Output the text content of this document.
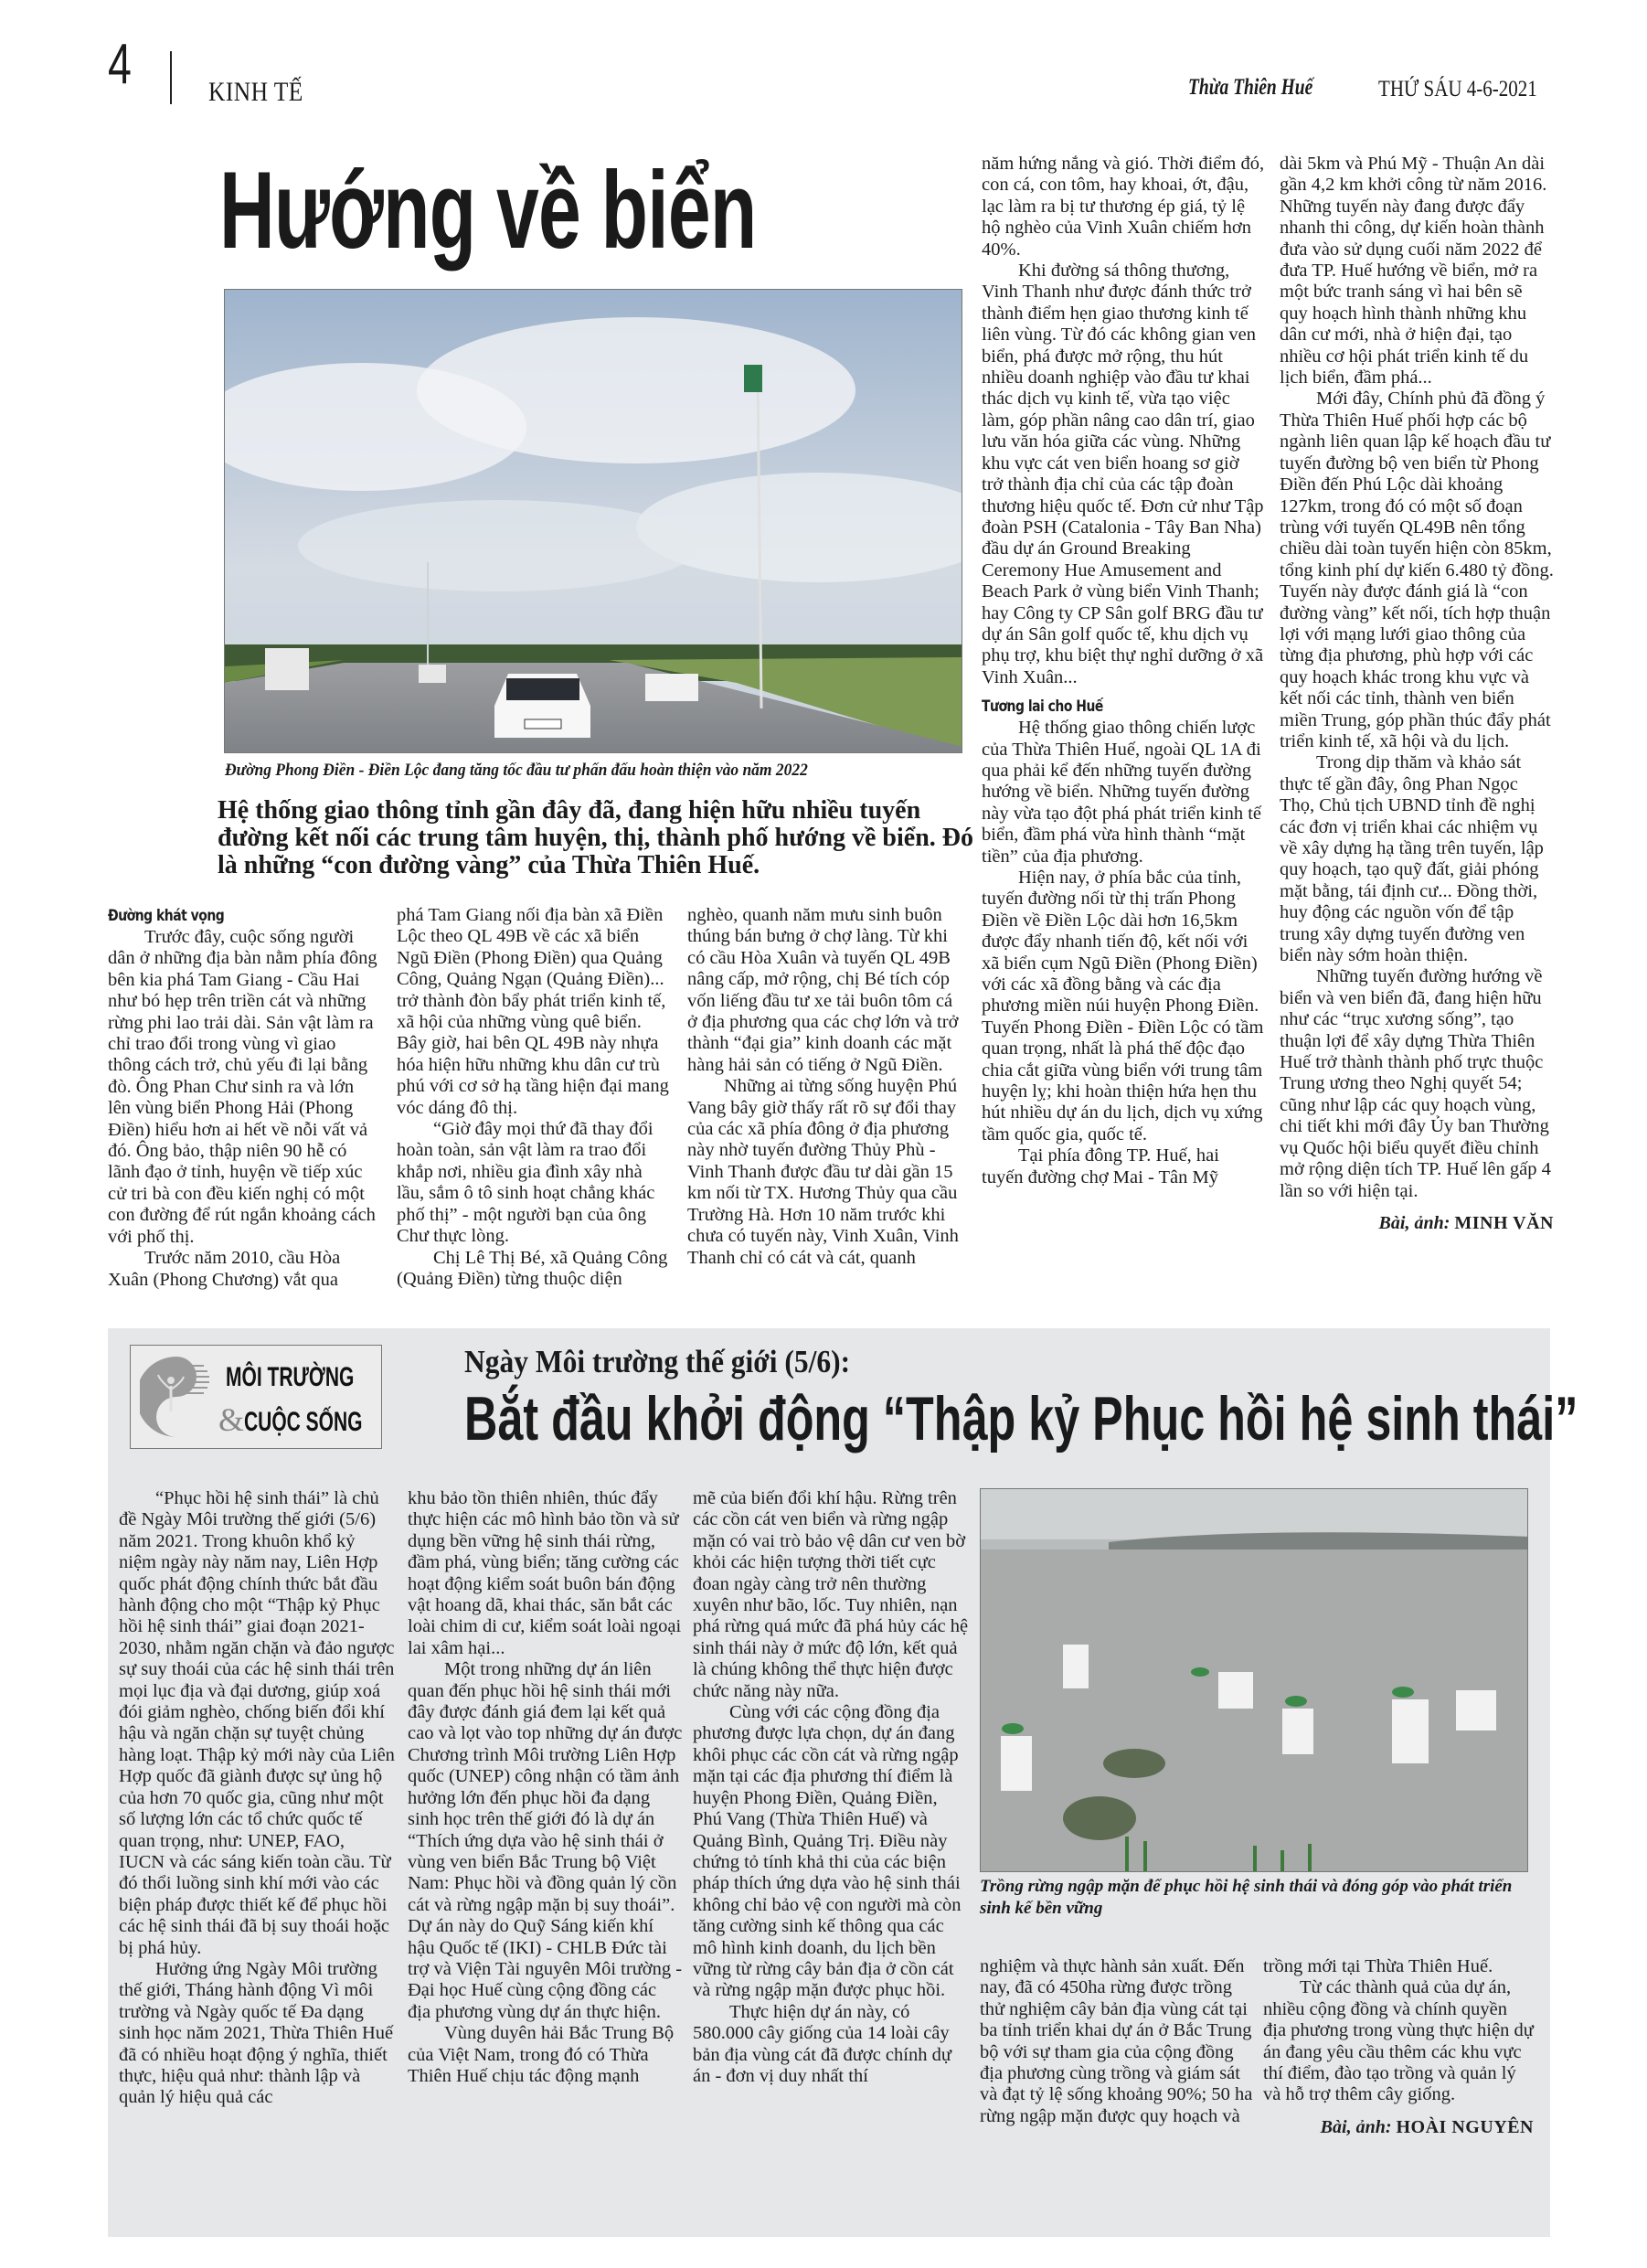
4	KINH TẾ	Thừa Thiên Huế	THỨ SÁU 4-6-2021
Hướng về biển
Đường Phong Điền - Điền Lộc đang tăng tốc đầu tư phấn đấu hoàn thiện vào năm 2022
Hệ thống giao thông tỉnh gần đây đã, đang hiện hữu nhiều tuyến đường kết nối các trung tâm huyện, thị, thành phố hướng về biển. Đó là những “con đường vàng” của Thừa Thiên Huế.
Đường khát vọng

Trước đây, cuộc sống người dân ở những địa bàn nằm phía đông bên kia phá Tam Giang - Cầu Hai như bó hẹp trên triền cát và những rừng phi lao trải dài. Sản vật làm ra chỉ trao đổi trong vùng vì giao thông cách trở, chủ yếu đi lại bằng đò. Ông Phan Chư sinh ra và lớn lên vùng biển Phong Hải (Phong Điền) hiểu hơn ai hết về nỗi vất vả đó. Ông bảo, thập niên 90 hễ có lãnh đạo ở tỉnh, huyện về tiếp xúc cử tri bà con đều kiến nghị có một con đường để rút ngắn khoảng cách với phố thị.

Trước năm 2010, cầu Hòa Xuân (Phong Chương) vắt qua

phá Tam Giang nối địa bàn xã Điền Lộc theo QL 49B về các xã biển Ngũ Điền (Phong Điền) qua Quảng Công, Quảng Ngạn (Quảng Điền)... trở thành đòn bẩy phát triển kinh tế, xã hội của những vùng quê biển. Bây giờ, hai bên QL 49B này nhựa hóa hiện hữu những khu dân cư trù phú với cơ sở hạ tầng hiện đại mang vóc dáng đô thị.

“Giờ đây mọi thứ đã thay đổi hoàn toàn, sản vật làm ra trao đổi khắp nơi, nhiều gia đình xây nhà lầu, sắm ô tô sinh hoạt chẳng khác phố thị” - một người bạn của ông Chư thực lòng.

Chị Lê Thị Bé, xã Quảng Công (Quảng Điền) từng thuộc diện

nghèo, quanh năm mưu sinh buôn thúng bán bưng ở chợ làng. Từ khi có cầu Hòa Xuân và tuyến QL 49B nâng cấp, mở rộng, chị Bé tích cóp vốn liếng đầu tư xe tải buôn tôm cá ở địa phương qua các chợ lớn và trở thành “đại gia” kinh doanh các mặt hàng hải sản có tiếng ở Ngũ Điền.

Những ai từng sống huyện Phú Vang bây giờ thấy rất rõ sự đổi thay của các xã phía đông ở địa phương này nhờ tuyến đường Thủy Phù - Vinh Thanh được đầu tư dài gần 15 km nối từ TX. Hương Thủy qua cầu Trường Hà. Hơn 10 năm trước khi chưa có tuyến này, Vinh Xuân, Vinh Thanh chỉ có cát và cát, quanh

năm hứng nắng và gió. Thời điểm đó, con cá, con tôm, hay khoai, ớt, đậu, lạc làm ra bị tư thương ép giá, tỷ lệ hộ nghèo của Vinh Xuân chiếm hơn 40%.

Khi đường sá thông thương, Vinh Thanh như được đánh thức trở thành điểm hẹn giao thương kinh tế liên vùng. Từ đó các không gian ven biển, phá được mở rộng, thu hút nhiều doanh nghiệp vào đầu tư khai thác dịch vụ kinh tế, vừa tạo việc làm, góp phần nâng cao dân trí, giao lưu văn hóa giữa các vùng. Những khu vực cát ven biển hoang sơ giờ trở thành địa chỉ của các tập đoàn thương hiệu quốc tế. Đơn cử như Tập đoàn PSH (Catalonia - Tây Ban Nha) đầu dự án Ground Breaking Ceremony Hue Amusement and Beach Park ở vùng biển Vinh Thanh; hay Công ty CP Sân golf BRG đầu tư dự án Sân golf quốc tế, khu dịch vụ phụ trợ, khu biệt thự nghỉ dưỡng ở xã Vinh Xuân...

Tương lai cho Huế

Hệ thống giao thông chiến lược của Thừa Thiên Huế, ngoài QL 1A đi qua phải kể đến những tuyến đường hướng về biển. Những tuyến đường này vừa tạo đột phá phát triển kinh tế biển, đầm phá vừa hình thành “mặt tiền” của địa phương.

Hiện nay, ở phía bắc của tỉnh, tuyến đường nối từ thị trấn Phong Điền về Điền Lộc dài hơn 16,5km được đẩy nhanh tiến độ, kết nối với xã biển cụm Ngũ Điền (Phong Điền) với các xã đồng bằng và các địa phương miền núi huyện Phong Điền. Tuyến Phong Điền - Điền Lộc có tầm quan trọng, nhất là phá thế độc đạo chia cắt giữa vùng biển với trung tâm huyện lỵ; khi hoàn thiện hứa hẹn thu hút nhiều dự án du lịch, dịch vụ xứng tầm quốc gia, quốc tế.

Tại phía đông TP. Huế, hai tuyến đường chợ Mai - Tân Mỹ

dài 5km và Phú Mỹ - Thuận An dài gần 4,2 km khởi công từ năm 2016. Những tuyến này đang được đẩy nhanh thi công, dự kiến hoàn thành đưa vào sử dụng cuối năm 2022 để đưa TP. Huế hướng về biển, mở ra một bức tranh sáng vì hai bên sẽ quy hoạch hình thành những khu dân cư mới, nhà ở hiện đại, tạo nhiều cơ hội phát triển kinh tế du lịch biển, đầm phá...

Mới đây, Chính phủ đã đồng ý Thừa Thiên Huế phối hợp các bộ ngành liên quan lập kế hoạch đầu tư tuyến đường bộ ven biển từ Phong Điền đến Phú Lộc dài khoảng 127km, trong đó có một số đoạn trùng với tuyến QL49B nên tổng chiều dài toàn tuyến hiện còn 85km, tổng kinh phí dự kiến 6.480 tỷ đồng. Tuyến này được đánh giá là “con đường vàng” kết nối, tích hợp thuận lợi với mạng lưới giao thông của từng địa phương, phù hợp với các quy hoạch khác trong khu vực và kết nối các tỉnh, thành ven biển miền Trung, góp phần thúc đẩy phát triển kinh tế, xã hội và du lịch.

Trong dịp thăm và khảo sát thực tế gần đây, ông Phan Ngọc Thọ, Chủ tịch UBND tỉnh đề nghị các đơn vị triển khai các nhiệm vụ về xây dựng hạ tầng trên tuyến, lập quy hoạch, tạo quỹ đất, giải phóng mặt bằng, tái định cư... Đồng thời, huy động các nguồn vốn để tập trung xây dựng tuyến đường ven biển này sớm hoàn thiện.

Những tuyến đường hướng về biển và ven biển đã, đang hiện hữu như các “trục xương sống”, tạo thuận lợi để xây dựng Thừa Thiên Huế trở thành thành phố trực thuộc Trung ương theo Nghị quyết 54; cũng như lập các quy hoạch vùng, chi tiết khi mới đây Ủy ban Thường vụ Quốc hội biểu quyết điều chỉnh mở rộng diện tích TP. Huế lên gấp 4 lần so với hiện tại.

Bài, ảnh: MINH VĂN
MÔI TRƯỜNG
&CUỘC SỐNG
Ngày Môi trường thế giới (5/6):
Bắt đầu khởi động “Thập kỷ Phục hồi hệ sinh thái”

“Phục hồi hệ sinh thái” là chủ đề Ngày Môi trường thế giới (5/6) năm 2021. Trong khuôn khổ kỷ niệm ngày này năm nay, Liên Hợp quốc phát động chính thức bắt đầu hành động cho một “Thập kỷ Phục hồi hệ sinh thái” giai đoạn 2021-2030, nhằm ngăn chặn và đảo ngược sự suy thoái của các hệ sinh thái trên mọi lục địa và đại dương, giúp xoá đói giảm nghèo, chống biến đổi khí hậu và ngăn chặn sự tuyệt chủng hàng loạt. Thập kỷ mới này của Liên Hợp quốc đã giành được sự ủng hộ của hơn 70 quốc gia, cũng như một số lượng lớn các tổ chức quốc tế quan trọng, như: UNEP, FAO, IUCN và các sáng kiến toàn cầu. Từ đó thổi luồng sinh khí mới vào các biện pháp được thiết kế để phục hồi các hệ sinh thái đã bị suy thoái hoặc bị phá hủy.

Hưởng ứng Ngày Môi trường thế giới, Tháng hành động Vì môi trường và Ngày quốc tế Đa dạng sinh học năm 2021, Thừa Thiên Huế đã có nhiều hoạt động ý nghĩa, thiết thực, hiệu quả như: thành lập và quản lý hiệu quả các

khu bảo tồn thiên nhiên, thúc đẩy thực hiện các mô hình bảo tồn và sử dụng bền vững hệ sinh thái rừng, đầm phá, vùng biển; tăng cường các hoạt động kiểm soát buôn bán động vật hoang dã, khai thác, săn bắt các loài chim di cư, kiểm soát loài ngoại lai xâm hại...

Một trong những dự án liên quan đến phục hồi hệ sinh thái mới đây được đánh giá đem lại kết quả cao và lọt vào top những dự án được Chương trình Môi trường Liên Hợp quốc (UNEP) công nhận có tầm ảnh hưởng lớn đến phục hồi đa dạng sinh học trên thế giới đó là dự án “Thích ứng dựa vào hệ sinh thái ở vùng ven biển Bắc Trung bộ Việt Nam: Phục hồi và đồng quản lý cồn cát và rừng ngập mặn bị suy thoái”. Dự án này do Quỹ Sáng kiến khí hậu Quốc tế (IKI) - CHLB Đức tài trợ và Viện Tài nguyên Môi trường - Đại học Huế cùng cộng đồng các địa phương vùng dự án thực hiện.

Vùng duyên hải Bắc Trung Bộ của Việt Nam, trong đó có Thừa Thiên Huế chịu tác động mạnh

mẽ của biến đổi khí hậu. Rừng trên các cồn cát ven biển và rừng ngập mặn có vai trò bảo vệ dân cư ven bờ khỏi các hiện tượng thời tiết cực đoan ngày càng trở nên thường xuyên như bão, lốc. Tuy nhiên, nạn phá rừng quá mức đã phá hủy các hệ sinh thái này ở mức độ lớn, kết quả là chúng không thể thực hiện được chức năng này nữa.

Cùng với các cộng đồng địa phương được lựa chọn, dự án đang khôi phục các cồn cát và rừng ngập mặn tại các địa phương thí điểm là huyện Phong Điền, Quảng Điền, Phú Vang (Thừa Thiên Huế) và Quảng Bình, Quảng Trị. Điều này chứng tỏ tính khả thi của các biện pháp thích ứng dựa vào hệ sinh thái không chỉ bảo vệ con người mà còn tăng cường sinh kế thông qua các mô hình kinh doanh, du lịch bền vững từ rừng cây bản địa ở cồn cát và rừng ngập mặn được phục hồi.

Thực hiện dự án này, có 580.000 cây giống của 14 loài cây bản địa vùng cát đã được chính dự án - đơn vị duy nhất thí

Trồng rừng ngập mặn để phục hồi hệ sinh thái và đóng góp vào phát triển sinh kế bền vững

nghiệm và thực hành sản xuất. Đến nay, đã có 450ha rừng được trồng thử nghiệm cây bản địa vùng cát tại ba tỉnh triển khai dự án ở Bắc Trung bộ với sự tham gia của cộng đồng địa phương cùng trồng và giám sát và đạt tỷ lệ sống khoảng 90%; 50 ha rừng ngập mặn được quy hoạch và

trồng mới tại Thừa Thiên Huế.

Từ các thành quả của dự án, nhiều cộng đồng và chính quyền địa phương trong vùng thực hiện dự án đang yêu cầu thêm các khu vực thí điểm, đào tạo trồng và quản lý và hỗ trợ thêm cây giống.

Bài, ảnh: HOÀI NGUYÊN
